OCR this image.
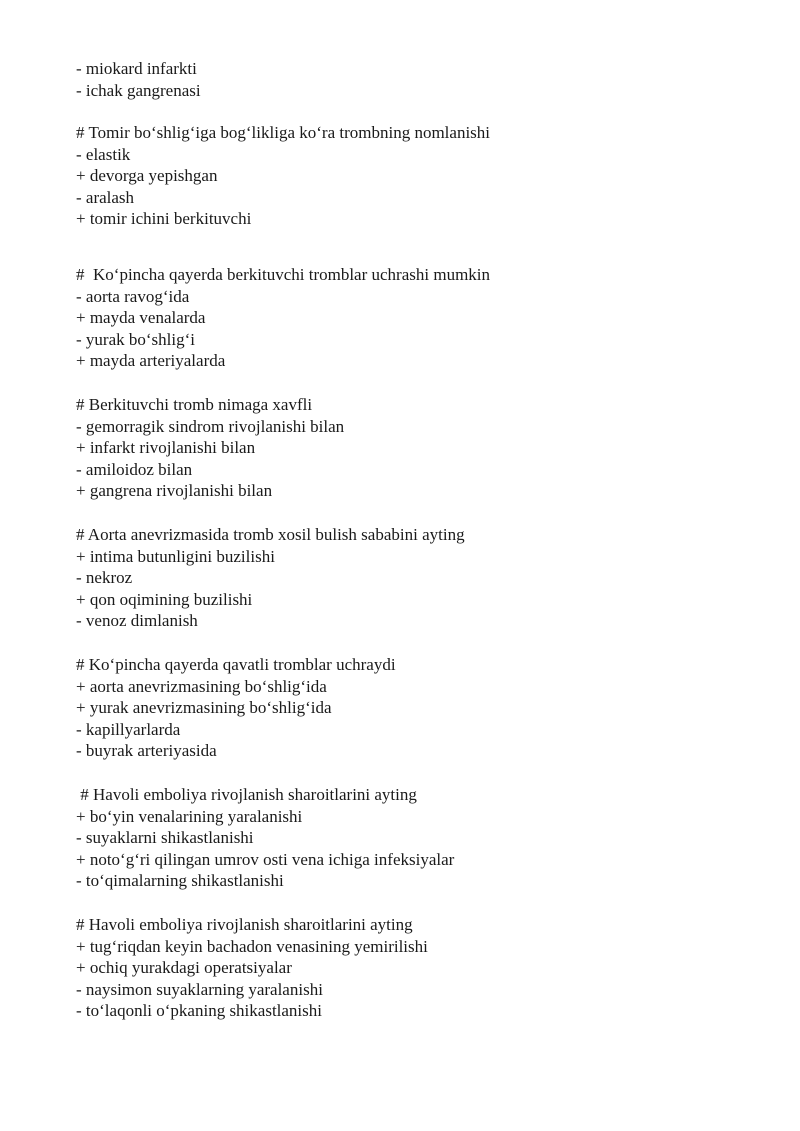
- miokard infarkti
- ichak gangrenasi
# Tomir bo‘shlig‘iga bog‘likliga ko‘ra trombning nomlanishi
- elastik
+ devorga yepishgan
- aralash
+ tomir ichini berkituvchi
#  Ko‘pincha qayerda berkituvchi tromblar uchrashi mumkin
- aorta ravog‘ida
+ mayda venalarda
- yurak bo‘shlig‘i
+ mayda arteriyalarda
# Berkituvchi tromb nimaga xavfli
- gemorragik sindrom rivojlanishi bilan
+ infarkt rivojlanishi bilan
- amiloidoz bilan
+ gangrena rivojlanishi bilan
# Aorta anevrizmasida tromb xosil bulish sababini ayting
+ intima butunligini buzilishi
- nekroz
+ qon oqimining buzilishi
- venoz dimlanish
# Ko‘pincha qayerda qavatli tromblar uchraydi
+ aorta anevrizmasining bo‘shlig‘ida
+ yurak anevrizmasining bo‘shlig‘ida
- kapillyarlarda
- buyrak arteriyasida
# Havoli emboliya rivojlanish sharoitlarini ayting
+ bo‘yin venalarining yaralanishi
- suyaklarni shikastlanishi
+ noto‘g‘ri qilingan umrov osti vena ichiga infeksiyalar
- to‘qimalarning shikastlanishi
# Havoli emboliya rivojlanish sharoitlarini ayting
+ tug‘riqdan keyin bachadon venasining yemirilishi
+ ochiq yurakdagi operatsiyalar
- naysimon suyaklarning yaralanishi
- to‘laqonli o‘pkaning shikastlanishi
